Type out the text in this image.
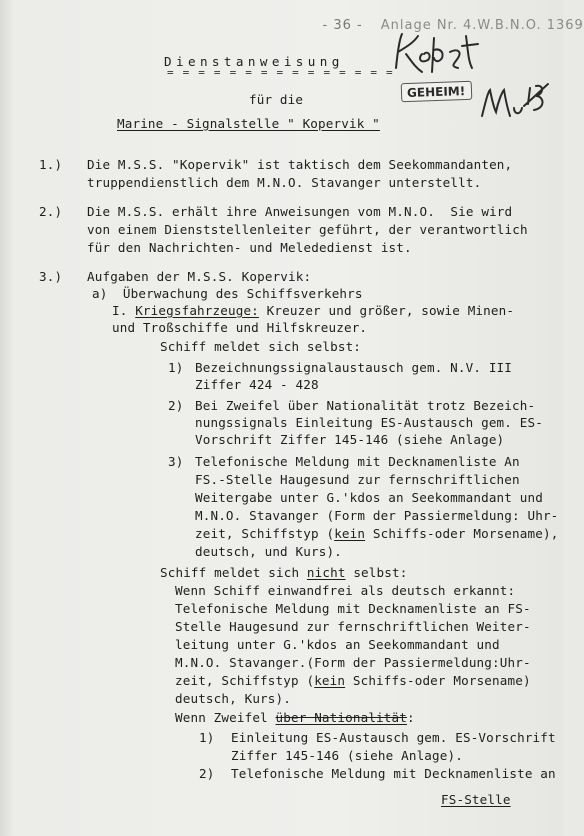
- 36 - Anlage Nr. 4.W.B.N.O. 1369

GEHEIM!
Dienstanweisung
= = = = = = = = = = = = = = =
für die
Marine - Signalstelle " Kopervik "
1.) Die M.S.S. "Kopervik" ist taktisch dem Seekommandanten,
truppendienstlich dem M.N.O. Stavanger unterstellt.
2.) Die M.S.S. erhält ihre Anweisungen vom M.N.O.  Sie wird
von einem Dienststellenleiter geführt, der verantwortlich
für den Nachrichten- und Melededienst ist.
3.) Aufgaben der M.S.S. Kopervik:
a)  Überwachung des Schiffsverkehrs
I. Kriegsfahrzeuge: Kreuzer und größer, sowie Minen-
und Troßschiffe und Hilfskreuzer.
Schiff meldet sich selbst:
1) Bezeichnungssignalaustausch gem. N.V. III
Ziffer 424 - 428
2) Bei Zweifel über Nationalität trotz Bezeich-
nungssignals Einleitung ES-Austausch gem. ES-
Vorschrift Ziffer 145-146 (siehe Anlage)
3) Telefonische Meldung mit Decknamenliste An
FS.-Stelle Haugesund zur fernschriftlichen
Weitergabe unter G.'kdos an Seekommandant und
M.N.O. Stavanger (Form der Passiermeldung: Uhr-
zeit, Schiffstyp (kein Schiffs-oder Morsename),
deutsch, und Kurs).
Schiff meldet sich nicht selbst:
Wenn Schiff einwandfrei als deutsch erkannt:
Telefonische Meldung mit Decknamenliste an FS-
Stelle Haugesund zur fernschriftlichen Weiter-
leitung unter G.'kdos an Seekommandant und
M.N.O. Stavanger.(Form der Passiermeldung:Uhr-
zeit, Schiffstyp (kein Schiffs-oder Morsename)
deutsch, Kurs).
Wenn Zweifel über Nationalität:
1) Einleitung ES-Austausch gem. ES-Vorschrift
Ziffer 145-146 (siehe Anlage).
2) Telefonische Meldung mit Decknamenliste an
FS-Stelle
